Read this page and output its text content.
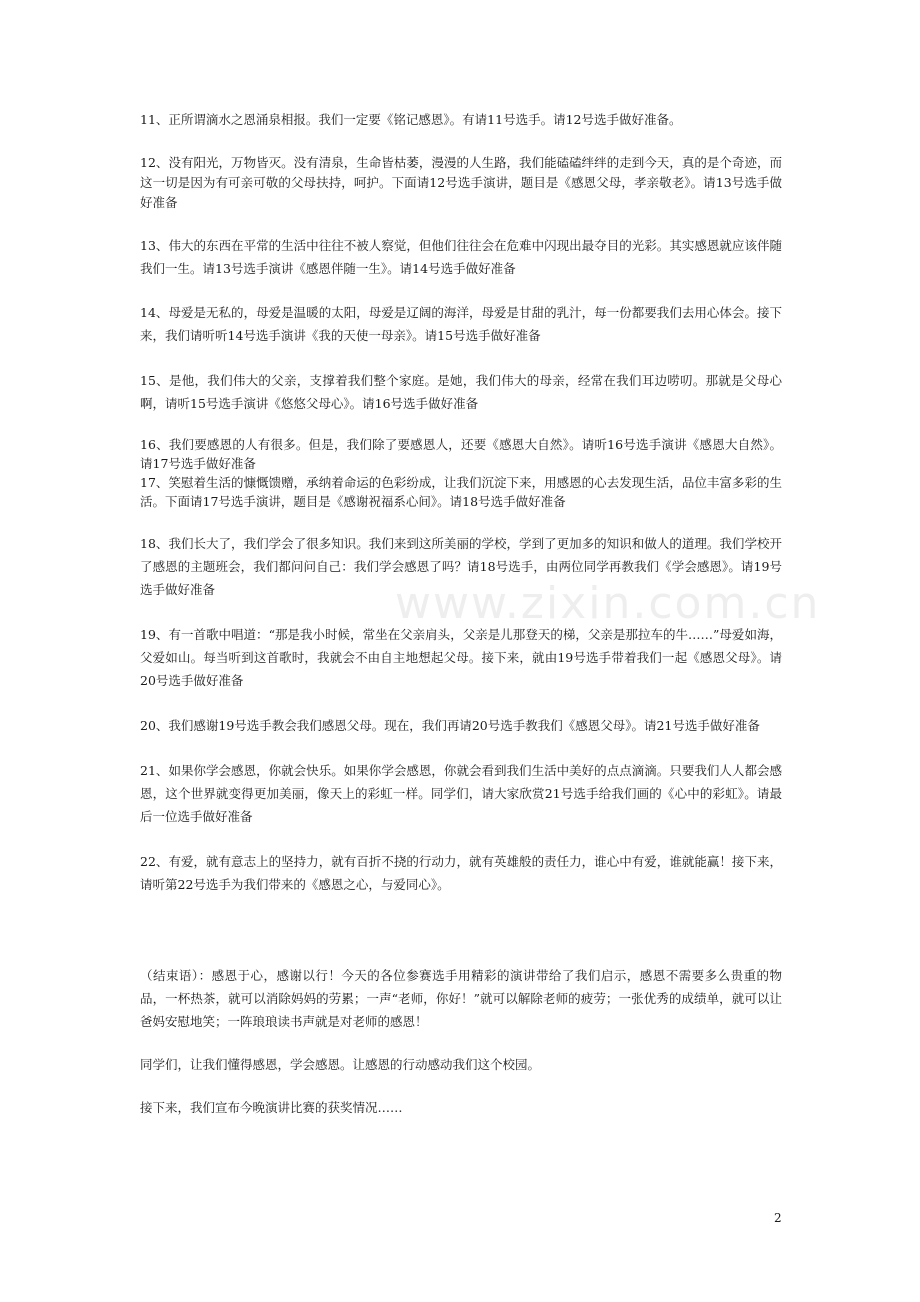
www.zixin.com.cn

11、正所谓滴水之恩涌泉相报。我们一定要《铭记感恩》。有请11号选手。请12号选手做好准备。

12、没有阳光，万物皆灭。没有清泉，生命皆枯萎，漫漫的人生路，我们能磕磕绊绊的走到今天，真的是个奇迹，而这一切是因为有可亲可敬的父母扶持，呵护。下面请12号选手演讲，题目是《感恩父母，孝亲敬老》。请13号选手做好准备

13、伟大的东西在平常的生活中往往不被人察觉，但他们往往会在危难中闪现出最夺目的光彩。其实感恩就应该伴随我们一生。请13号选手演讲《感恩伴随一生》。请14号选手做好准备

14、母爱是无私的，母爱是温暖的太阳，母爱是辽阔的海洋，母爱是甘甜的乳汁，每一份都要我们去用心体会。接下来，我们请听听14号选手演讲《我的天使一母亲》。请15号选手做好准备

15、是他，我们伟大的父亲，支撑着我们整个家庭。是她，我们伟大的母亲，经常在我们耳边唠叨。那就是父母心啊，请听15号选手演讲《悠悠父母心》。请16号选手做好准备

16、我们要感恩的人有很多。但是，我们除了要感恩人，还要《感恩大自然》。请听16号选手演讲《感恩大自然》。请17号选手做好准备

17、笑慰着生活的慷慨馈赠，承纳着命运的色彩纷成，让我们沉淀下来，用感恩的心去发现生活，品位丰富多彩的生活。下面请17号选手演讲，题目是《感谢祝福系心间》。请18号选手做好准备

18、我们长大了，我们学会了很多知识。我们来到这所美丽的学校，学到了更加多的知识和做人的道理。我们学校开了感恩的主题班会，我们都问问自己：我们学会感恩了吗？请18号选手，由两位同学再教我们《学会感恩》。请19号选手做好准备

19、有一首歌中唱道：“那是我小时候，常坐在父亲肩头，父亲是儿那登天的梯，父亲是那拉车的牛……”母爱如海，父爱如山。每当听到这首歌时，我就会不由自主地想起父母。接下来，就由19号选手带着我们一起《感恩父母》。请20号选手做好准备

20、我们感谢19号选手教会我们感恩父母。现在，我们再请20号选手教我们《感恩父母》。请21号选手做好准备

21、如果你学会感恩，你就会快乐。如果你学会感恩，你就会看到我们生活中美好的点点滴滴。只要我们人人都会感恩，这个世界就变得更加美丽，像天上的彩虹一样。同学们，请大家欣赏21号选手给我们画的《心中的彩虹》。请最后一位选手做好准备

22、有爱，就有意志上的坚持力，就有百折不挠的行动力，就有英雄般的责任力，谁心中有爱，谁就能赢！接下来，请听第22号选手为我们带来的《感恩之心，与爱同心》。

（结束语）：感恩于心，感谢以行！今天的各位参赛选手用精彩的演讲带给了我们启示，感恩不需要多么贵重的物品，一杯热茶，就可以消除妈妈的劳累；一声“老师，你好！”就可以解除老师的疲劳；一张优秀的成绩单，就可以让爸妈安慰地笑；一阵琅琅读书声就是对老师的感恩！

同学们，让我们懂得感恩，学会感恩。让感恩的行动感动我们这个校园。

接下来，我们宣布今晚演讲比赛的获奖情况……

2
